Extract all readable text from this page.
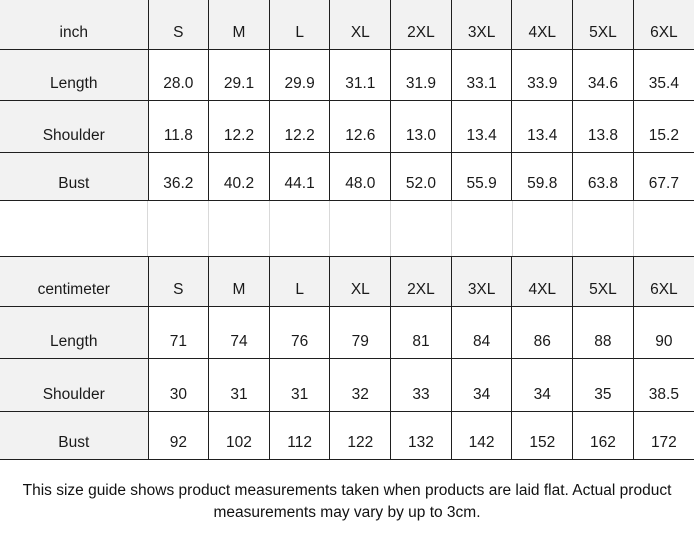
inch	S	M	L	XL	2XL	3XL	4XL	5XL	6XL
Length	28.0	29.1	29.9	31.1	31.9	33.1	33.9	34.6	35.4
Shoulder	11.8	12.2	12.2	12.6	13.0	13.4	13.4	13.8	15.2
Bust	36.2	40.2	44.1	48.0	52.0	55.9	59.8	63.8	67.7
centimeter	S	M	L	XL	2XL	3XL	4XL	5XL	6XL
Length	71	74	76	79	81	84	86	88	90
Shoulder	30	31	31	32	33	34	34	35	38.5
Bust	92	102	112	122	132	142	152	162	172
This size guide shows product measurements taken when products are laid flat. Actual product measurements may vary by up to 3cm.
